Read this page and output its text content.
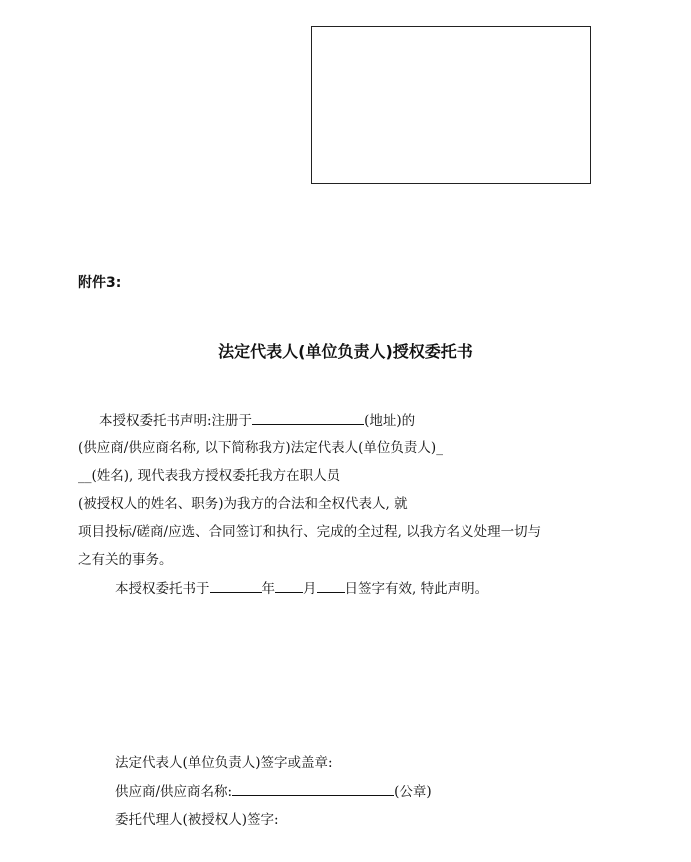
附件3:
法定代表人(单位负责人)授权委托书
本授权委托书声明:注册于	(地址)的
(供应商/供应商名称, 以下简称我方)法定代表人(单位负责人)_
__(姓名), 现代表我方授权委托我方在职人员
(被授权人的姓名、职务)为我方的合法和全权代表人, 就
项目投标/磋商/应选、合同签订和执行、完成的全过程, 以我方名义处理一切与
之有关的事务。
本授权委托书于	年 月 日签字有效, 特此声明。
法定代表人(单位负责人)签字或盖章:
供应商/供应商名称:	(公章)
委托代理人(被授权人)签字:
